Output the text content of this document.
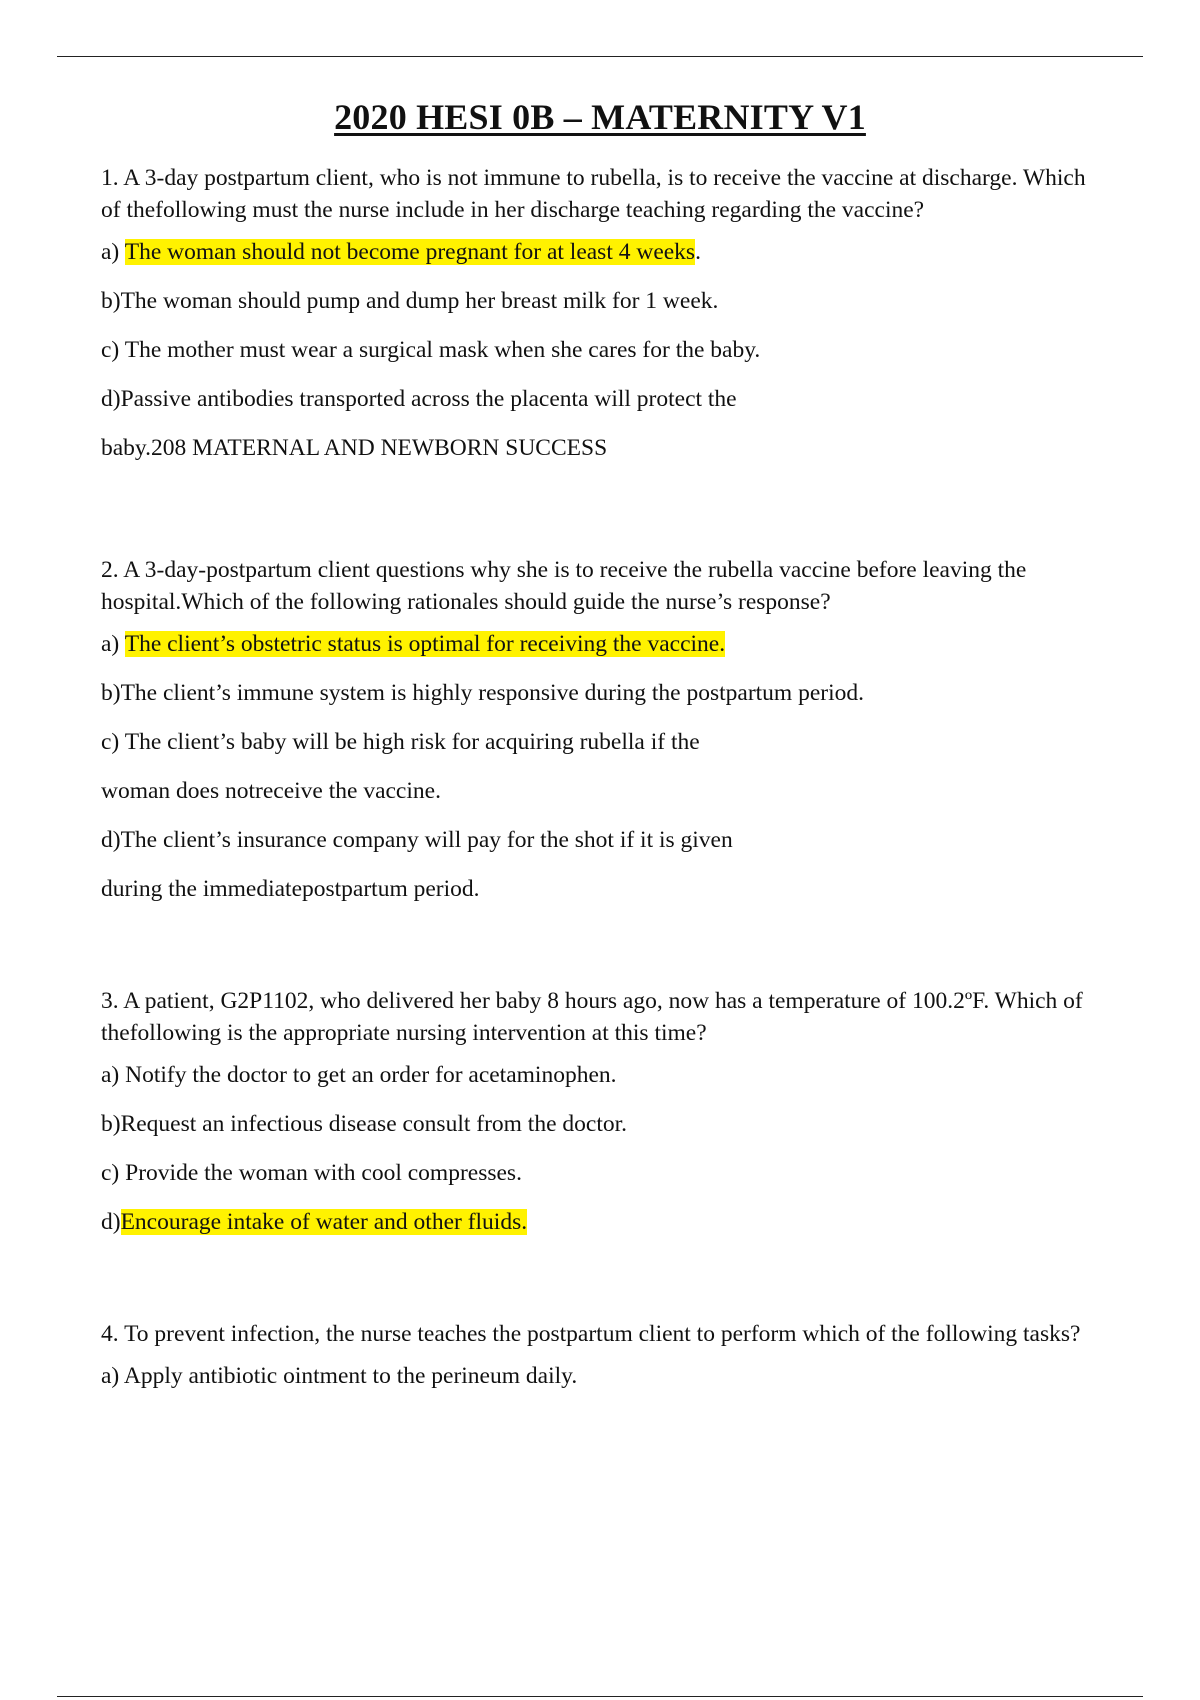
2020 HESI 0B – MATERNITY V1

1. A 3-day postpartum client, who is not immune to rubella, is to receive the vaccine at discharge. Which of thefollowing must the nurse include in her discharge teaching regarding the vaccine?

a) The woman should not become pregnant for at least 4 weeks.

b)The woman should pump and dump her breast milk for 1 week.

c) The mother must wear a surgical mask when she cares for the baby.

d)Passive antibodies transported across the placenta will protect the

baby.208 MATERNAL AND NEWBORN SUCCESS

2. A 3-day-postpartum client questions why she is to receive the rubella vaccine before leaving the hospital.Which of the following rationales should guide the nurse’s response?

a) The client’s obstetric status is optimal for receiving the vaccine.

b)The client’s immune system is highly responsive during the postpartum period.

c) The client’s baby will be high risk for acquiring rubella if the

woman does notreceive the vaccine.

d)The client’s insurance company will pay for the shot if it is given

during the immediatepostpartum period.

3. A patient, G2P1102, who delivered her baby 8 hours ago, now has a temperature of 100.2ºF. Which of thefollowing is the appropriate nursing intervention at this time?

a) Notify the doctor to get an order for acetaminophen.

b)Request an infectious disease consult from the doctor.

c) Provide the woman with cool compresses.

d)Encourage intake of water and other fluids.

4. To prevent infection, the nurse teaches the postpartum client to perform which of the following tasks?

a) Apply antibiotic ointment to the perineum daily.
